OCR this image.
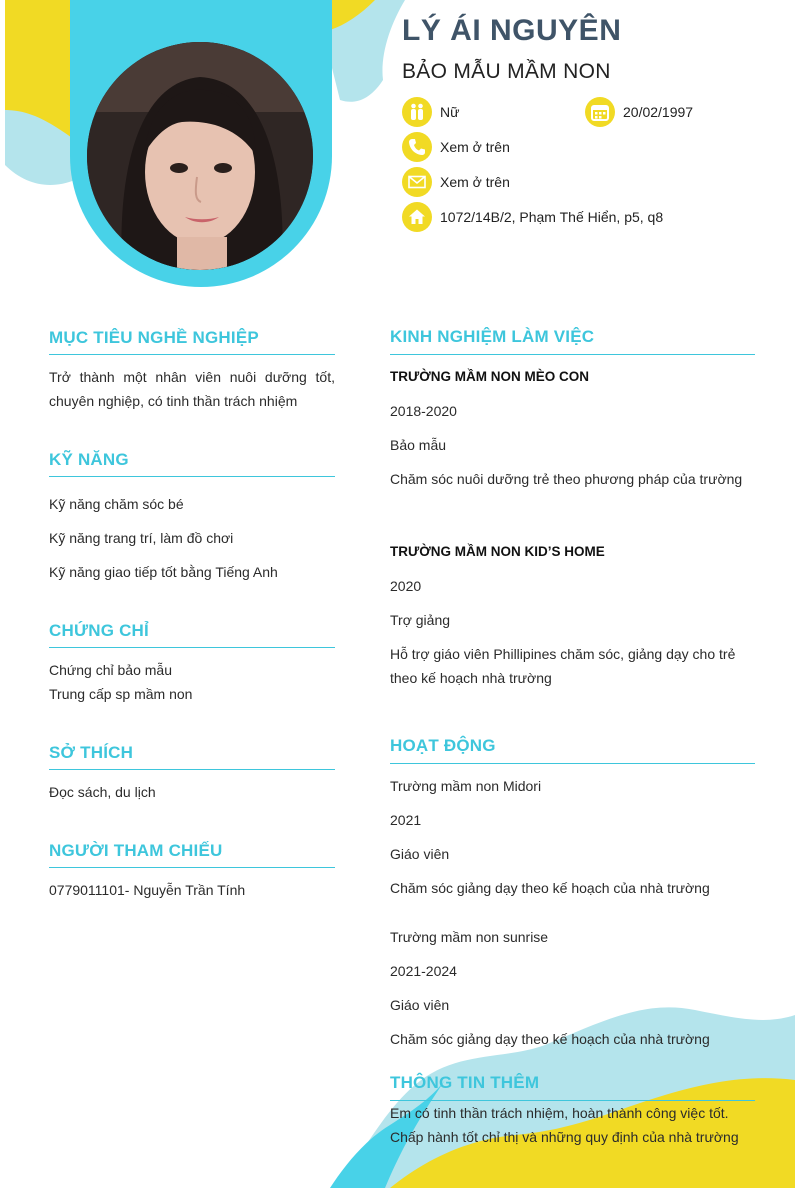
LÝ ÁI NGUYÊN
BẢO MẪU MẦM NON
Nữ	20/02/1997
Xem ở trên
Xem ở trên
1072/14B/2, Phạm Thế Hiển, p5, q8
MỤC TIÊU NGHỀ NGHIỆP
Trở thành một nhân viên nuôi dưỡng tốt, chuyên nghiệp, có tinh thần trách nhiệm
KỸ NĂNG
Kỹ năng chăm sóc bé
Kỹ năng trang trí, làm đồ chơi
Kỹ năng giao tiếp tốt bằng Tiếng Anh
CHỨNG CHỈ
Chứng chỉ bảo mẫu
Trung cấp sp mầm non
SỞ THÍCH
Đọc sách, du lịch
NGƯỜI THAM CHIẾU
0779011101- Nguyễn Trần Tính
KINH NGHIỆM LÀM VIỆC
TRƯỜNG MẦM NON MÈO CON
2018-2020
Bảo mẫu
Chăm sóc nuôi dưỡng trẻ theo phương pháp của trường
TRƯỜNG MẦM NON KID’S HOME
2020
Trợ giảng
Hỗ trợ giáo viên Phillipines chăm sóc, giảng dạy cho trẻ theo kế hoạch nhà trường
HOẠT ĐỘNG
Trường mầm non Midori
2021
Giáo viên
Chăm sóc giảng dạy theo kế hoạch của nhà trường
Trường mầm non sunrise
2021-2024
Giáo viên
Chăm sóc giảng dạy theo kế hoạch của nhà trường
THÔNG TIN THÊM
Em có tinh thần trách nhiệm, hoàn thành công việc tốt. Chấp hành tốt chỉ thị và những quy định của nhà trường
